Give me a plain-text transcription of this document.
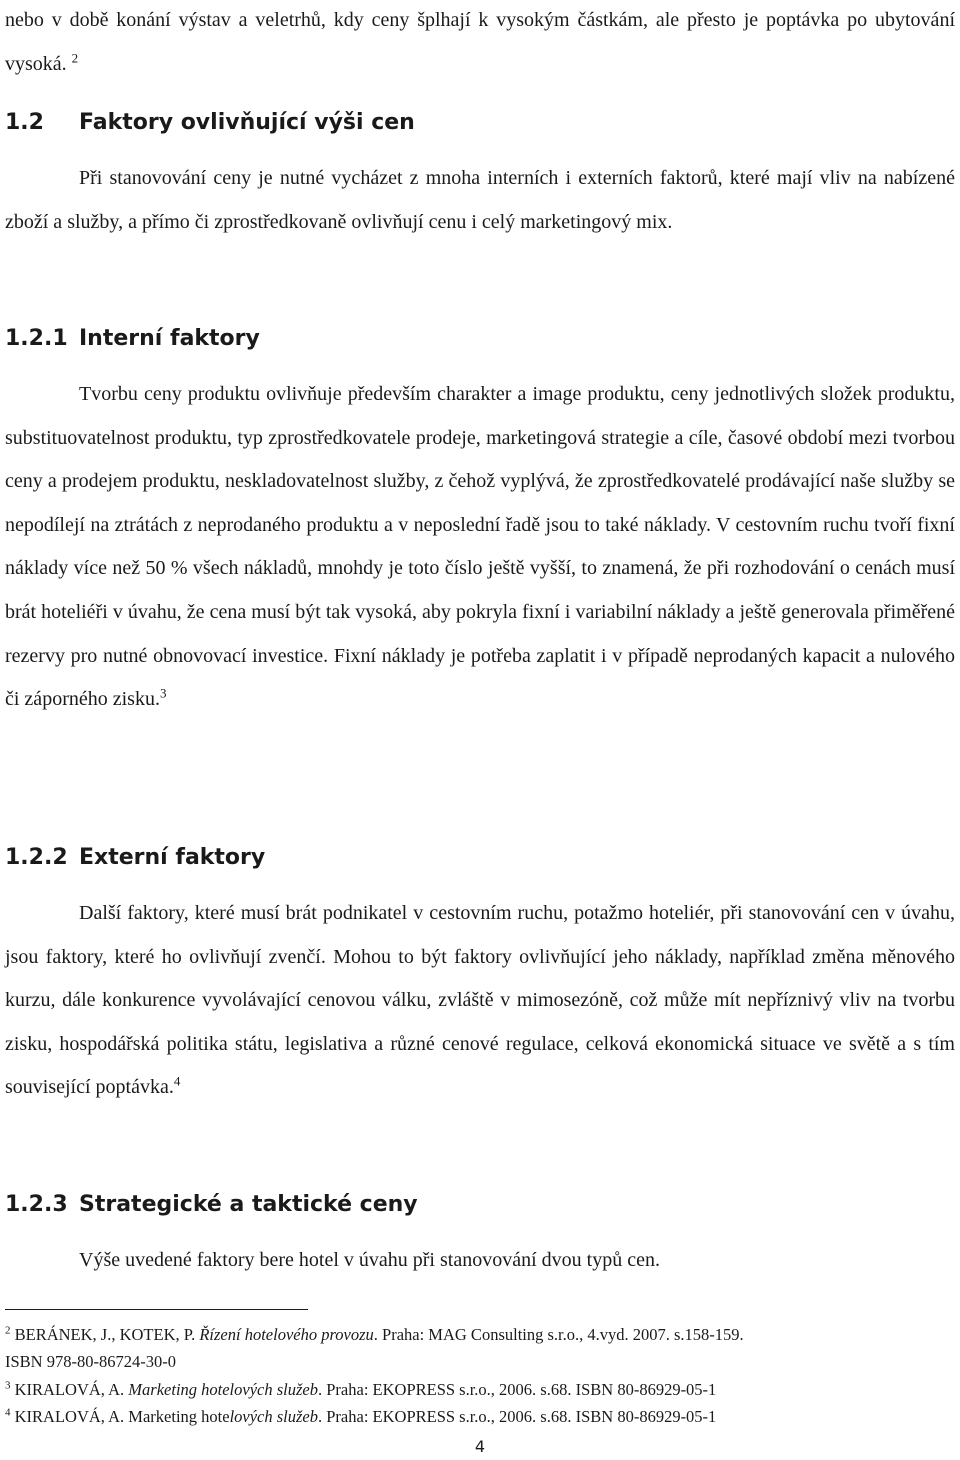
nebo v době konání výstav a veletrhů, kdy ceny šplhají k vysokým částkám, ale přesto je poptávka po ubytování vysoká. $^2$

1.2 Faktory ovlivňující výši cen

Při stanovování ceny je nutné vycházet z mnoha interních i externích faktorů, které mají vliv na nabízené zboží a služby, a přímo či zprostředkovaně ovlivňují cenu i celý marketingový mix.

1.2.1 Interní faktory

Tvorbu ceny produktu ovlivňuje především charakter a image produktu, ceny jednotlivých složek produktu, substituovatelnost produktu, typ zprostředkovatele prodeje, marketingová strategie a cíle, časové období mezi tvorbou ceny a prodejem produktu, neskladovatelnost služby, z čehož vyplývá, že zprostředkovatelé prodávající naše služby se nepodílejí na ztrátách z neprodaného produktu a v neposlední řadě jsou to také náklady. V cestovním ruchu tvoří fixní náklady více než 50 % všech nákladů, mnohdy je toto číslo ještě vyšší, to znamená, že při rozhodování o cenách musí brát hoteliéři v úvahu, že cena musí být tak vysoká, aby pokryla fixní i variabilní náklady a ještě generovala přiměřené rezervy pro nutné obnovovací investice. Fixní náklady je potřeba zaplatit i v případě neprodaných kapacit a nulového či záporného zisku.$^3$

1.2.2 Externí faktory

Další faktory, které musí brát podnikatel v cestovním ruchu, potažmo hoteliér, při stanovování cen v úvahu, jsou faktory, které ho ovlivňují zvenčí. Mohou to být faktory ovlivňující jeho náklady, například změna měnového kurzu, dále konkurence vyvolávající cenovou válku, zvláště v mimosezóně, což může mít nepříznivý vliv na tvorbu zisku, hospodářská politika státu, legislativa a různé cenové regulace, celková ekonomická situace ve světě a s tím související poptávka.$^4$

1.2.3 Strategické a taktické ceny

Výše uvedené faktory bere hotel v úvahu při stanovování dvou typů cen.

$^2$ BERÁNEK, J., KOTEK, P. Řízení hotelového provozu. Praha: MAG Consulting s.r.o., 4.vyd. 2007. s.158-159.
ISBN 978-80-86724-30-0
$^3$ KIRALOVÁ, A. Marketing hotelových služeb. Praha: EKOPRESS s.r.o., 2006. s.68. ISBN 80-86929-05-1
$^4$ KIRALOVÁ, A. Marketing hotelových služeb. Praha: EKOPRESS s.r.o., 2006. s.68. ISBN 80-86929-05-1
4
